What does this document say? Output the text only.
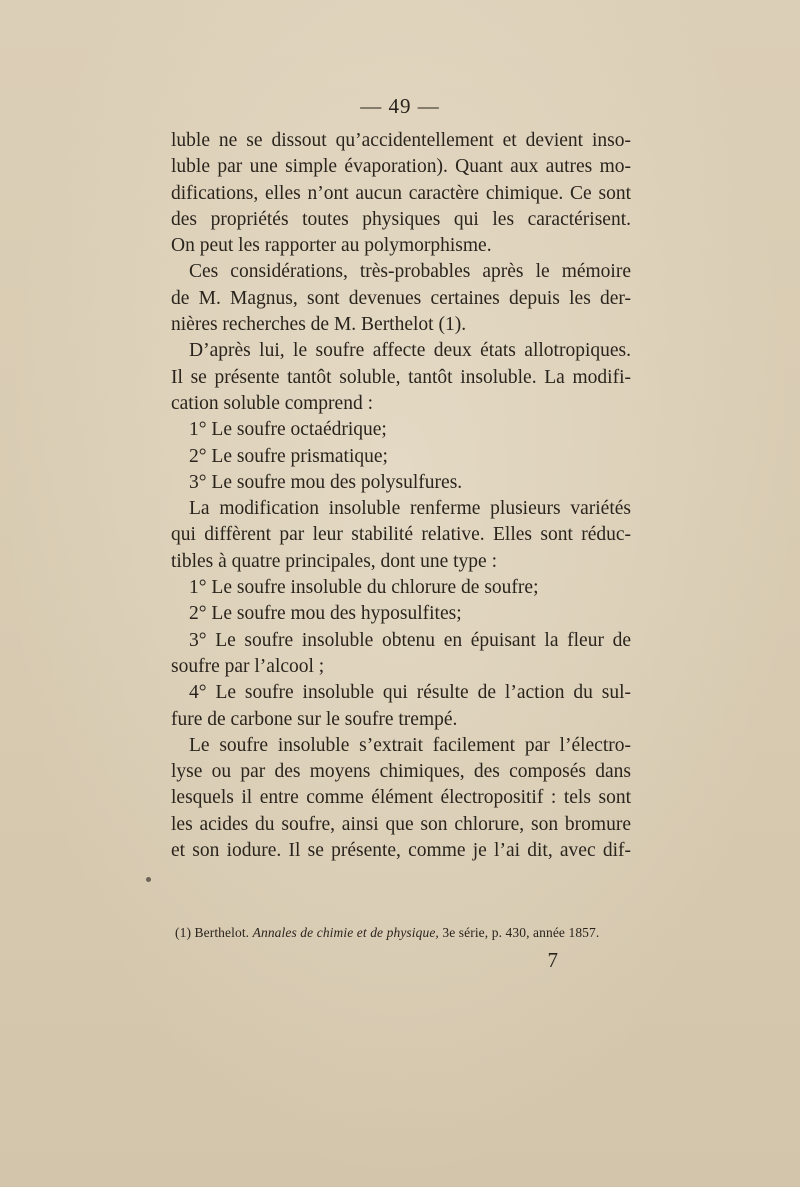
— 49 —
luble ne se dissout qu’accidentellement et devient inso-
luble par une simple évaporation). Quant aux autres mo-
difications, elles n’ont aucun caractère chimique. Ce sont
des propriétés toutes physiques qui les caractérisent.
On peut les rapporter au polymorphisme.
Ces considérations, très-probables après le mémoire
de M. Magnus, sont devenues certaines depuis les der-
nières recherches de M. Berthelot (1).
D’après lui, le soufre affecte deux états allotropiques.
Il se présente tantôt soluble, tantôt insoluble. La modifi-
cation soluble comprend :
1° Le soufre octaédrique;
2° Le soufre prismatique;
3° Le soufre mou des polysulfures.
La modification insoluble renferme plusieurs variétés
qui diffèrent par leur stabilité relative. Elles sont réduc-
tibles à quatre principales, dont une type :
1° Le soufre insoluble du chlorure de soufre;
2° Le soufre mou des hyposulfites;
3° Le soufre insoluble obtenu en épuisant la fleur de
soufre par l’alcool ;
4° Le soufre insoluble qui résulte de l’action du sul-
fure de carbone sur le soufre trempé.
Le soufre insoluble s’extrait facilement par l’électro-
lyse ou par des moyens chimiques, des composés dans
lesquels il entre comme élément électropositif : tels sont
les acides du soufre, ainsi que son chlorure, son bromure
et son iodure. Il se présente, comme je l’ai dit, avec dif-
(1) Berthelot. Annales de chimie et de physique, 3e série, p. 430, année 1857.
7
